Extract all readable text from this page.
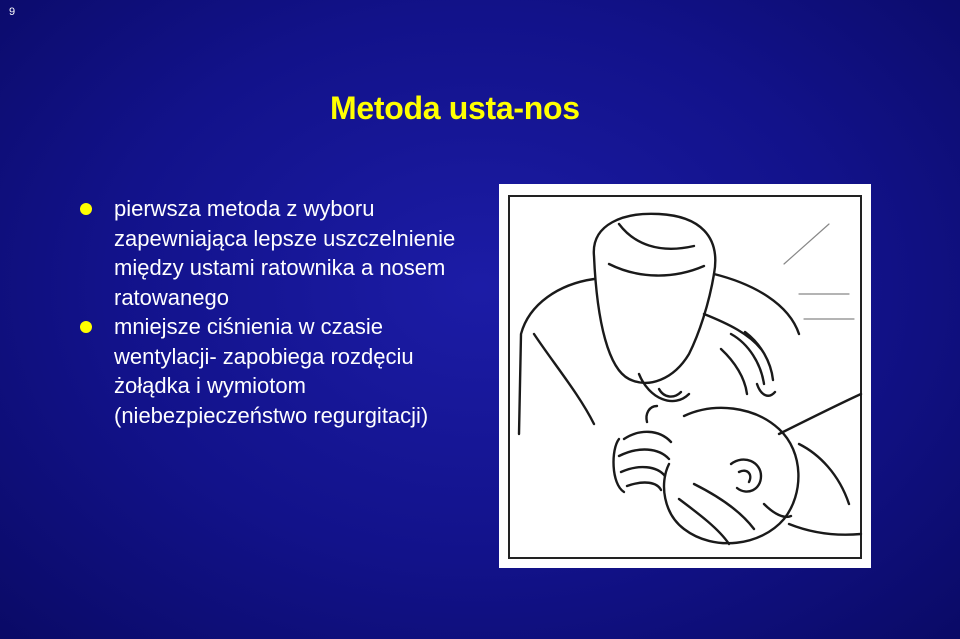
9
Metoda usta-nos
pierwsza metoda z wyboru zapewniająca lepsze uszczelnienie między ustami ratownika a nosem ratowanego
mniejsze ciśnienia w czasie wentylacji- zapobiega rozdęciu żołądka i wymiotom (niebezpieczeństwo regurgitacji)
